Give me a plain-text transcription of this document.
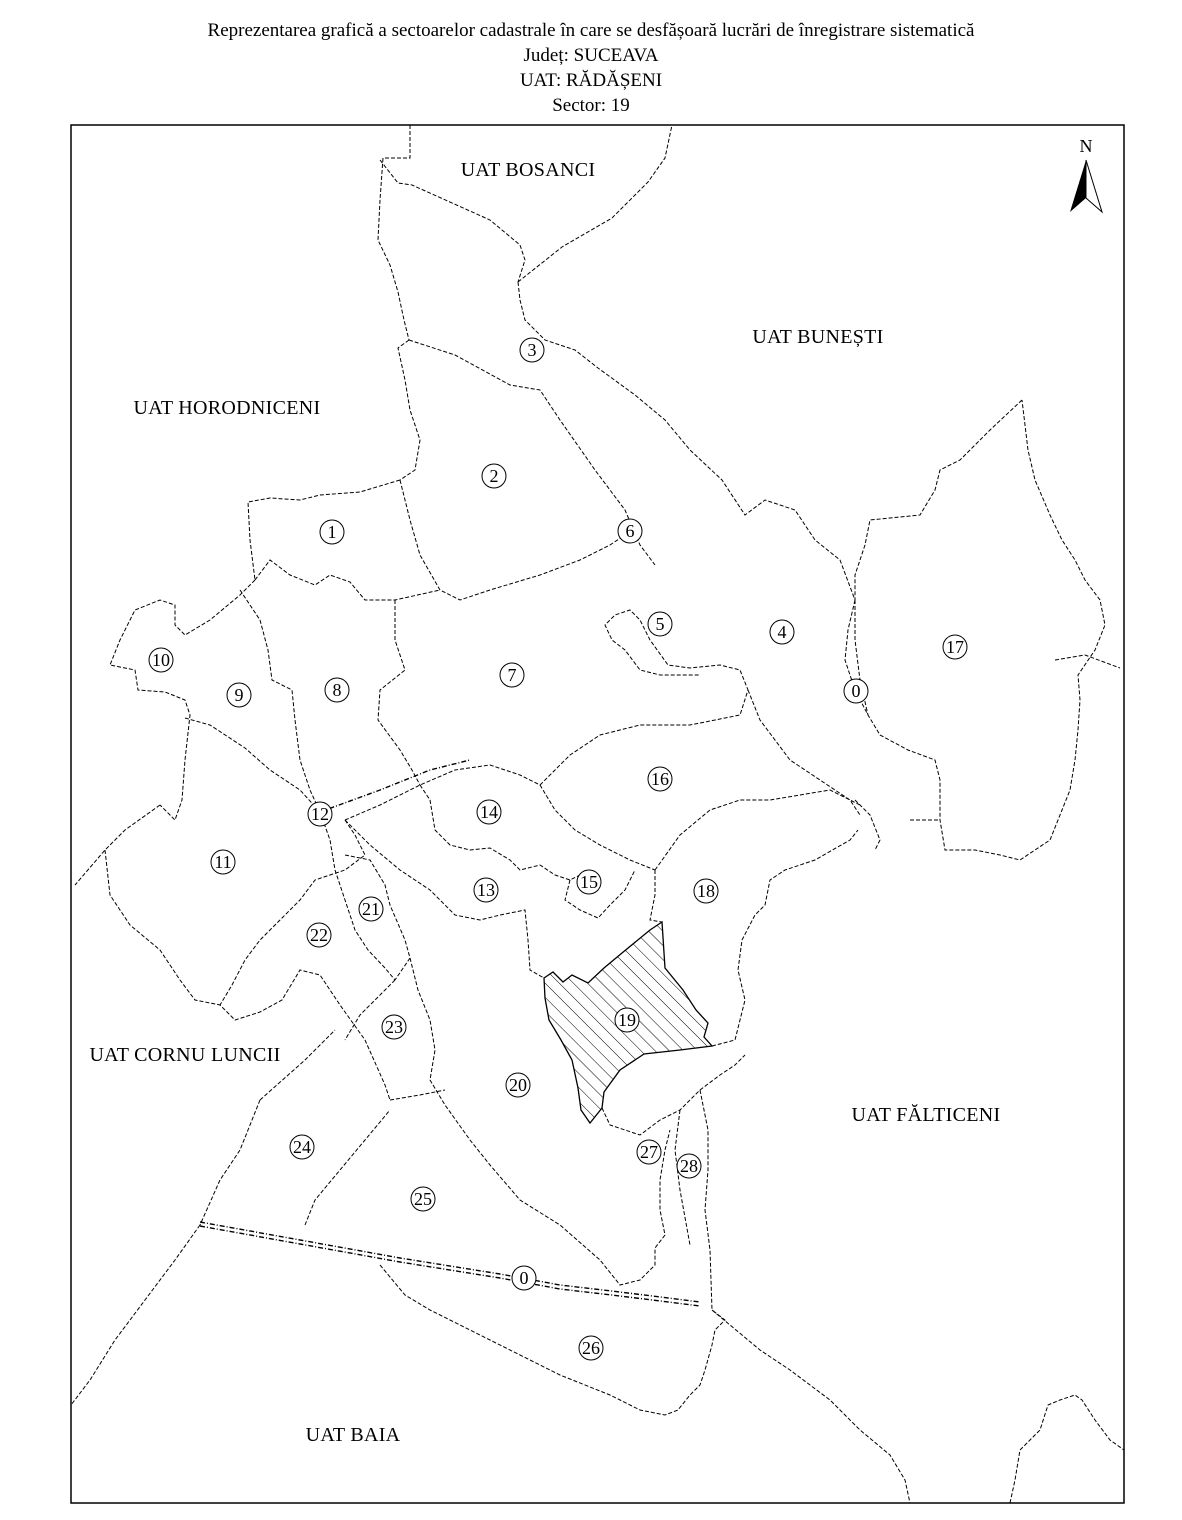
Reprezentarea grafică a sectoarelor cadastrale în care se desfășoară lucrări de înregistrare sistematică
Județ: SUCEAVA
UAT: RĂDĂȘENI
Sector: 19
N
UAT BOSANCI
UAT BUNEȘTI
UAT HORODNICENI
UAT CORNU LUNCII
UAT FĂLTICENI
UAT BAIA
0
0
1
2
3
4
5
6
7
8
9
10
11
12
13
14
15
16
17
18
19
20
21
22
23
24
25
26
27
28
